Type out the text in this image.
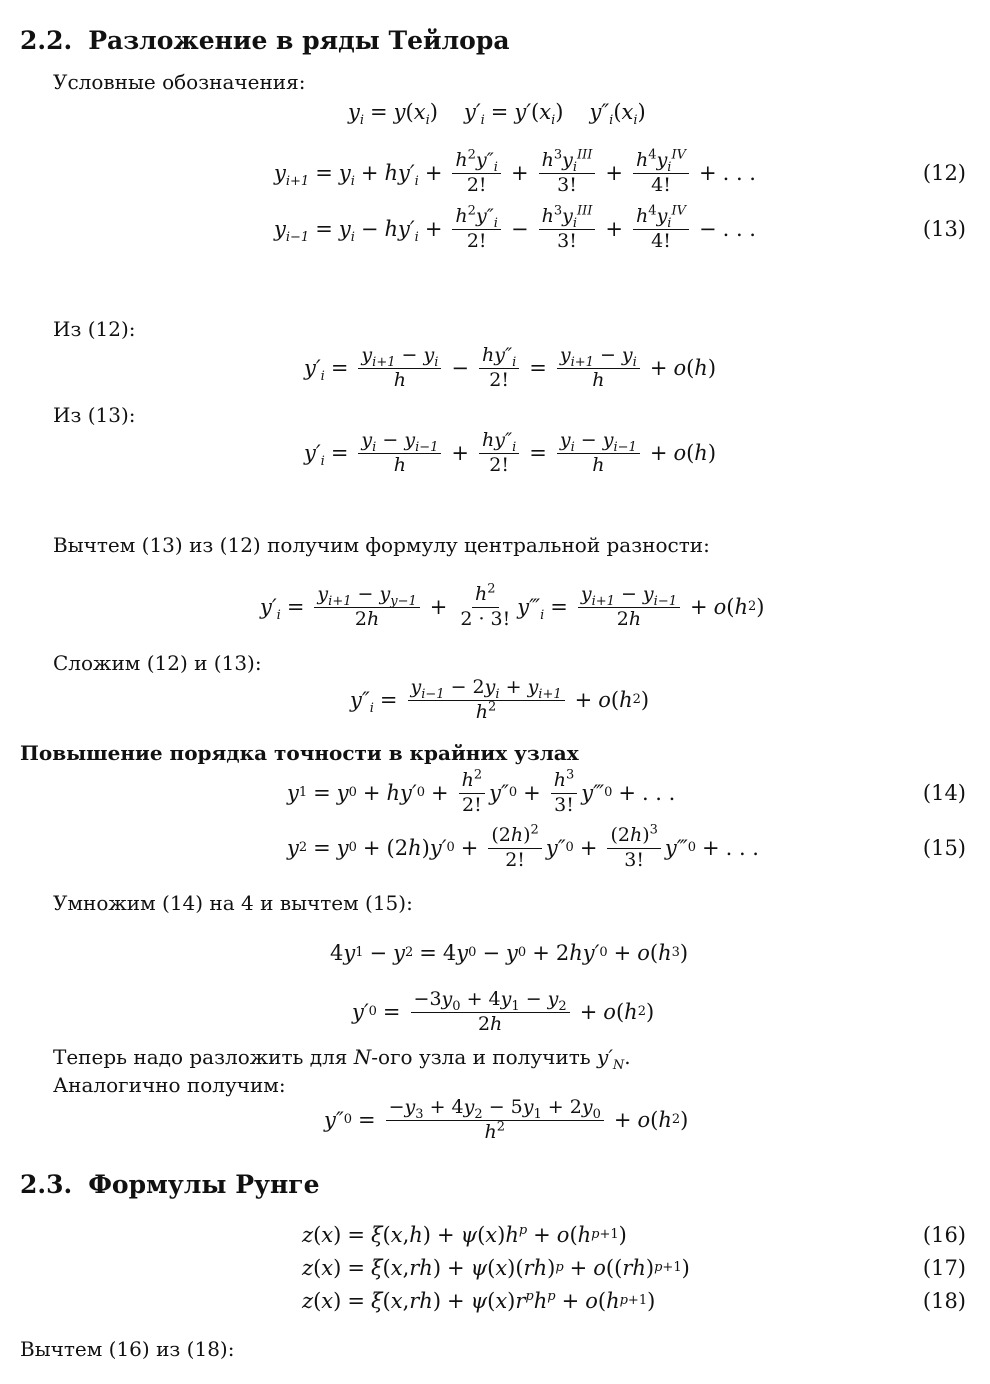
2.2. Разложение в ряды Тейлора
Условные обозначения:
$y_i = y$ ( $x_i$ ) $y'_i = y'$ ( $x_i$ ) $y''_i$ ( $x_i$ )
$y_{i+1} = y_i + hy'_i + \frac{h^2y''_i}{2!} + \frac{h^3y_i^{III}}{3!} + \frac{h^4y_i^{IV}}{4!}$ + . . .	(12)
$y_{i-1} = y_i - hy'_i + \frac{h^2y''_i}{2!} - \frac{h^3y_i^{III}}{3!} + \frac{h^4y_i^{IV}}{4!}$ − . . .	(13)
Из (12):
$y'_i = \frac{y_{i+1} - y_i}{h} - \frac{hy''_i}{2!} = \frac{y_{i+1} - y_i}{h} + o$ ( h )
Из (13):
$y'_i = \frac{y_i - y_{i-1}}{h} + \frac{hy''_i}{2!} = \frac{y_i - y_{i-1}}{h} + o$ ( h )
Вычтем (13) из (12) получим формулу центральной разности:
$y'_i = \frac{y_{i+1} - y_{y-1}}{2h} + \frac{h^2}{2 \cdot 3!}$ $y‴_i = \frac{y_{i+1} - y_{i-1}}{2h} + o$ ( h 2 )
Сложим (12) и (13):
$y''_i = \frac{y_{i-1} - 2y_i + y_{i+1}}{h^2} + o$ ( h 2 )
Повышение порядка точности в крайних узлах
y 1 = y 0 + hy′ $0 + \frac{h^2}{2!} y''$ $0 + \frac{h^3}{3!}$ y‴ 0 + . . .	(14)
y 2 = y 0 + (2 h ) y′ $0 + \frac{(2h)^2}{2!} y''$ $0 + \frac{(2h)^3}{3!}$ y‴ 0 + . . .	(15)
Умножим (14) на 4 и вычтем (15):
4 y 1 − y 2 = 4 y 0 − y 0 + 2 hy′ 0 + o ( h 3 )
y′ $0 = \frac{-3y_0 + 4y_1 - y_2}{2h} + o$ ( h 2 )
Теперь надо разложить для N-ого узла и получить $y'_N$.
Аналогично получим:
y″ $0 = \frac{-y_3 + 4y_2 - 5y_1 + 2y_0}{h^2} + o$ ( h 2 )
2.3. Формулы Рунге
z ( x ) = ξ ( x , h ) + ψ ( x ) $h^p + o$ ( h p+1 )	(16)
z ( x ) = ξ ( x , rh ) + ψ ( x )( rh ) p + o (( rh ) p+1 )	(17)
z ( x ) = ξ ( x , rh ) + ψ ( x ) $r^ph^p + o$ ( h p+1 )	(18)
Вычтем (16) из (18):
